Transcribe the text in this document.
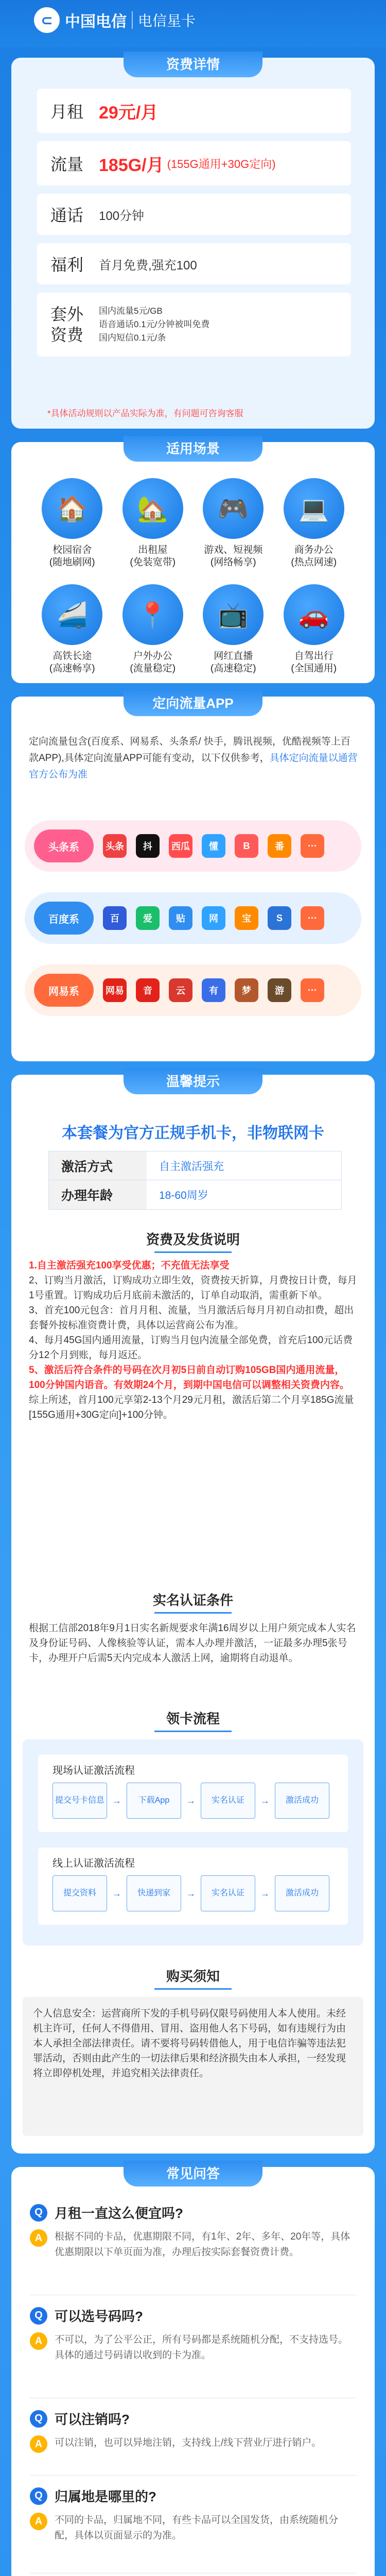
⊂ 中国电信 电信星卡
资费详情
月租 29元/月
流量 185G/月 (155G通用+30G定向)
通话	100分钟
福利	首月免费,强充100
套外资费
国内流量5元/GB
语音通话0.1元/分钟被叫免费
国内短信0.1元/条
*具体活动规则以产品实际为准，有问题可咨询客服
适用场景
🏠
校园宿舍
(随地刷网)
🏡
出租屋
(免装宽带)
🎮
游戏、短视频
(网络畅享)
💻
商务办公
(热点网速)
🚄
高铁长途
(高速畅享)
📍
户外办公
(流量稳定)
📺
网红直播
(高速稳定)
🚗
自驾出行
(全国通用)
定向流量APP
定向流量包含(百度系、网易系、头条系/ 快手，腾讯视频，优酷视频等上百款APP),具体定向流量APP可能有变动，以下仅供参考，具体定向流量以通营官方公布为准
头条系	头条	抖	西瓜	懂	B	番	···
百度系	百	爱	贴	网	宝	S	···
网易系	网易	音	云	有	梦	游	···
温馨提示
本套餐为官方正规手机卡，非物联网卡
激活方式	自主激活强充
办理年龄	18-60周岁
资费及发货说明
1.自主激活强充100享受优惠；不充值无法享受
2、订购当月激活，订购成功立即生效，资费按天折算，月费按日计费，每月1号重置。订购成功后月底前未激活的，订单自动取消，需重新下单。
3、首充100元包含：首月月租、流量，当月激活后每月月初自动扣费，超出套餐外按标准资费计费，具体以运营商公布为准。
4、每月45G国内通用流量，订购当月包内流量全部免费，首充后100元话费分12个月到账，每月返还。
5、激活后符合条件的号码在次月初5日前自动订购105GB国内通用流量，100分钟国内语音。有效期24个月，到期中国电信可以调整相关资费内容。
综上所述，首月100元享第2-13个月29元月租，激活后第二个月享185G流量[155G通用+30G定向]+100分钟。
实名认证条件
根据工信部2018年9月1日实名新规要求年满16周岁以上用户须完成本人实名及身份证号码、人像核验等认证，需本人办理并激活，一证最多办理5张号卡，办理开户后需5天内完成本人激活上网，逾期将自动退单。
领卡流程
现场认证激活流程
提交号卡信息 →	下载App	→	实名认证	→	激活成功
线上认证激活流程
提交资料	→	快递到家	→	实名认证	→	激活成功
购买须知
个人信息安全：运营商所下发的手机号码仅限号码使用人本人使用。未经机主许可，任何人不得借用、冒用、盗用他人名下号码，如有违规行为由本人承担全部法律责任。请不要将号码转借他人，用于电信诈骗等违法犯罪活动，否则由此产生的一切法律后果和经济损失由本人承担，一经发现将立即停机处理，并追究相关法律责任。
常见问答
Q 月租一直这么便宜吗?
A	根据不同的卡品，优惠期限不同，有1年、2年、多年、20年等，具体优惠期限以下单页面为准，办理后按实际套餐资费计费。
Q 可以选号码吗?
A	不可以，为了公平公正，所有号码都是系统随机分配，不支持选号。具体的通过号码请以收到的卡为准。
Q 可以注销吗?
A	可以注销，也可以异地注销，支持线上/线下营业厅进行销户。
Q 归属地是哪里的?
A	不同的卡品，归属地不同，有些卡品可以全国发货，由系统随机分配，具体以页面显示的为准。
